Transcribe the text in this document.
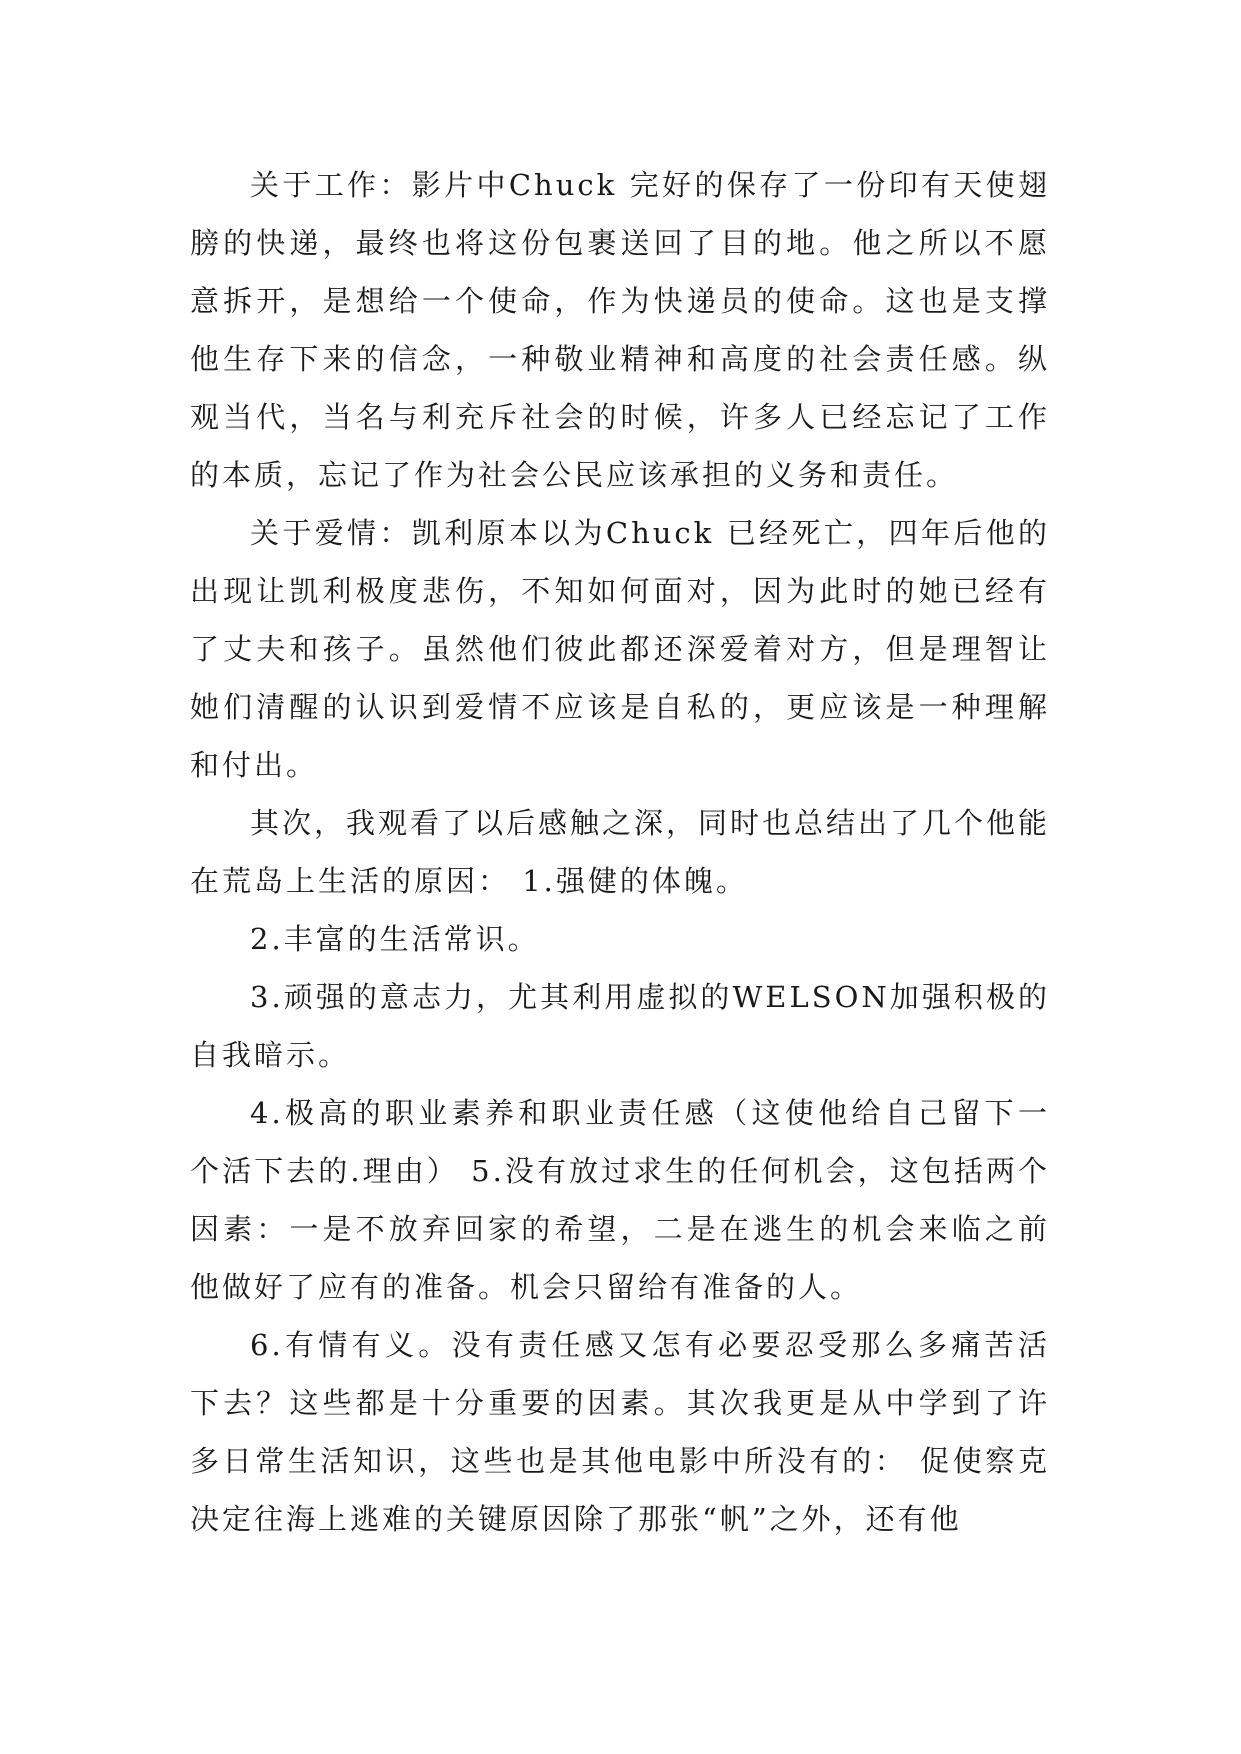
关于工作：影片中Chuck 完好的保存了一份印有天使翅膀的快递，最终也将这份包裹送回了目的地。他之所以不愿意拆开，是想给一个使命，作为快递员的使命。这也是支撑他生存下来的信念，一种敬业精神和高度的社会责任感。纵观当代，当名与利充斥社会的时候，许多人已经忘记了工作的本质，忘记了作为社会公民应该承担的义务和责任。

关于爱情：凯利原本以为Chuck 已经死亡，四年后他的出现让凯利极度悲伤，不知如何面对，因为此时的她已经有了丈夫和孩子。虽然他们彼此都还深爱着对方，但是理智让她们清醒的认识到爱情不应该是自私的，更应该是一种理解和付出。

其次，我观看了以后感触之深，同时也总结出了几个他能在荒岛上生活的原因： 1.强健的体魄。

2.丰富的生活常识。

3.顽强的意志力，尤其利用虚拟的WELSON加强积极的自我暗示。

4.极高的职业素养和职业责任感（这使他给自己留下一个活下去的.理由） 5.没有放过求生的任何机会，这包括两个因素：一是不放弃回家的希望，二是在逃生的机会来临之前他做好了应有的准备。机会只留给有准备的人。

6.有情有义。没有责任感又怎有必要忍受那么多痛苦活下去？这些都是十分重要的因素。其次我更是从中学到了许多日常生活知识，这些也是其他电影中所没有的： 促使察克决定往海上逃难的关键原因除了那张“帆”之外，还有他
